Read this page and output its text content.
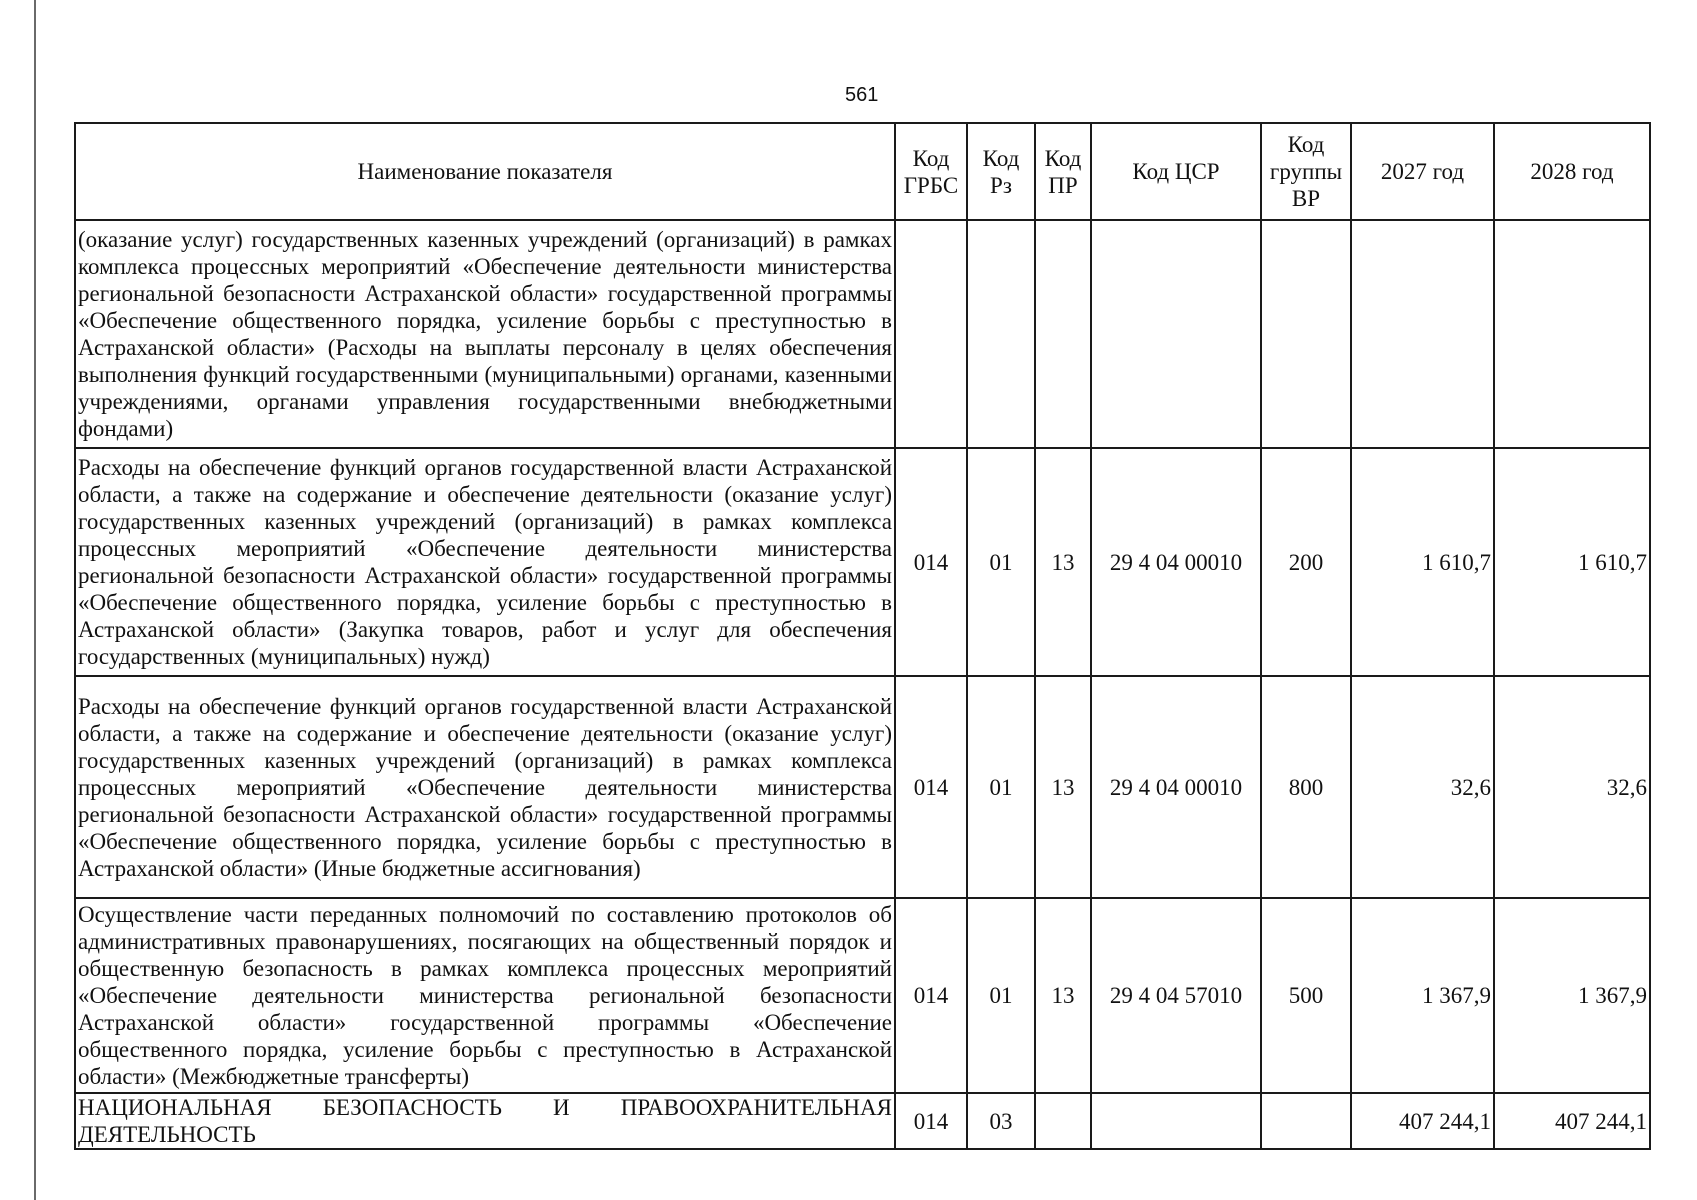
561
Наименование показателя	Код ГРБС	Код Рз	Код ПР	Код ЦСР	Код группы ВР	2027 год	2028 год
(оказание услуг) государственных казенных учреждений (организаций) в рамках комплекса процессных мероприятий «Обеспечение деятельности министерства региональной безопасности Астраханской области» государственной программы «Обеспечение общественного порядка, усиление борьбы с преступностью в Астраханской области» (Расходы на выплаты персоналу в целях обеспечения выполнения функций государственными (муниципальными) органами, казенными учреждениями, органами управления государственными внебюджетными фондами)							
Расходы на обеспечение функций органов государственной власти Астраханской области, а также на содержание и обеспечение деятельности (оказание услуг) государственных казенных учреждений (организаций) в рамках комплекса процессных мероприятий «Обеспечение деятельности министерства региональной безопасности Астраханской области» государственной программы «Обеспечение общественного порядка, усиление борьбы с преступностью в Астраханской области» (Закупка товаров, работ и услуг для обеспечения государственных (муниципальных) нужд)	014	01	13	29 4 04 00010	200	1 610,7	1 610,7
Расходы на обеспечение функций органов государственной власти Астраханской области, а также на содержание и обеспечение деятельности (оказание услуг) государственных казенных учреждений (организаций) в рамках комплекса процессных мероприятий «Обеспечение деятельности министерства региональной безопасности Астраханской области» государственной программы «Обеспечение общественного порядка, усиление борьбы с преступностью в Астраханской области» (Иные бюджетные ассигнования)	014	01	13	29 4 04 00010	800	32,6	32,6
Осуществление части переданных полномочий по составлению протоколов об административных правонарушениях, посягающих на общественный порядок и общественную безопасность в рамках комплекса процессных мероприятий «Обеспечение деятельности министерства региональной безопасности Астраханской области» государственной программы «Обеспечение общественного порядка, усиление борьбы с преступностью в Астраханской области» (Межбюджетные трансферты)	014	01	13	29 4 04 57010	500	1 367,9	1 367,9
НАЦИОНАЛЬНАЯ БЕЗОПАСНОСТЬ И ПРАВООХРАНИТЕЛЬНАЯ ДЕЯТЕЛЬНОСТЬ	014	03				407 244,1	407 244,1
